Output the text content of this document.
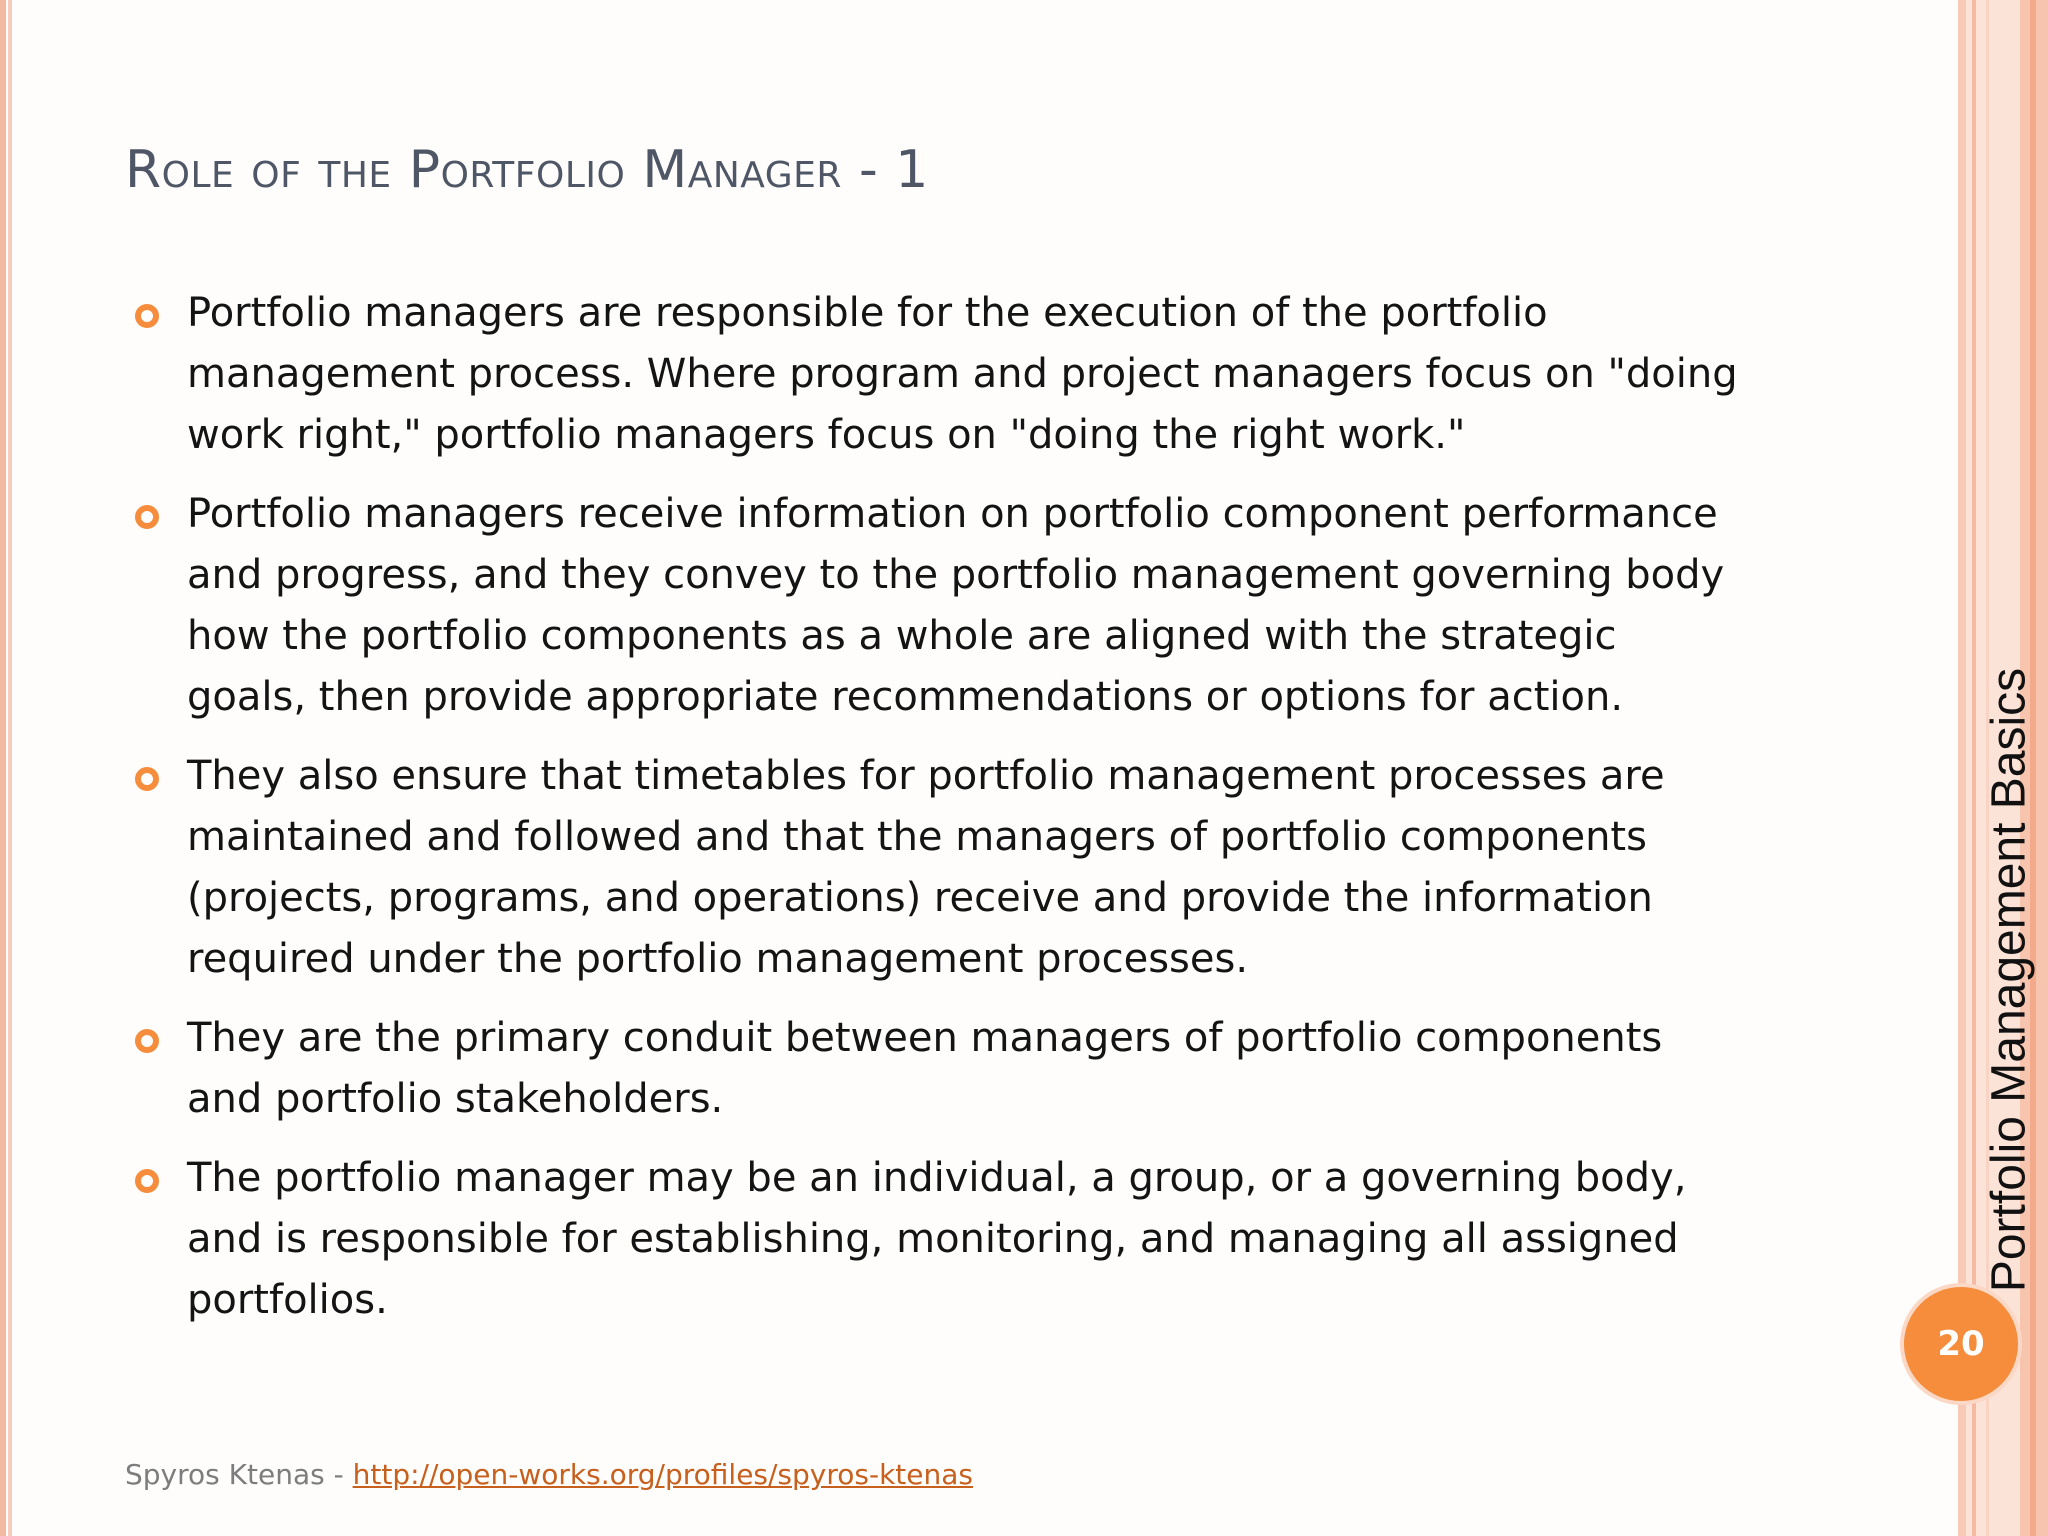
Role of the Portfolio Manager - 1
Portfolio managers are responsible for the execution of the portfolio management process. Where program and project managers focus on "doing work right," portfolio managers focus on "doing the right work."
Portfolio managers receive information on portfolio component performance and progress, and they convey to the portfolio management governing body how the portfolio components as a whole are aligned with the strategic goals, then provide appropriate recommendations or options for action.
They also ensure that timetables for portfolio management processes are maintained and followed and that the managers of portfolio components (projects, programs, and operations) receive and provide the information required under the portfolio management processes.
They are the primary conduit between managers of portfolio components and portfolio stakeholders.
The portfolio manager may be an individual, a group, or a governing body, and is responsible for establishing, monitoring, and managing all assigned portfolios.
Portfolio Management Basics
20
Spyros Ktenas - http://open-works.org/profiles/spyros-ktenas
